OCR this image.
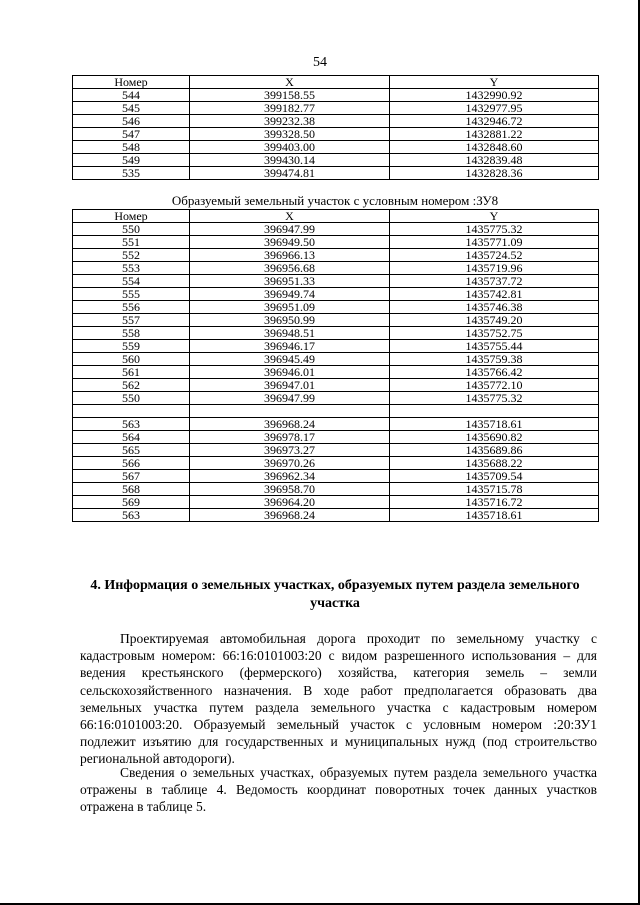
54
Номер	X	Y
544	399158.55	1432990.92
545	399182.77	1432977.95
546	399232.38	1432946.72
547	399328.50	1432881.22
548	399403.00	1432848.60
549	399430.14	1432839.48
535	399474.81	1432828.36
Образуемый земельный участок с условным номером :ЗУ8
Номер	X	Y
550	396947.99	1435775.32
551	396949.50	1435771.09
552	396966.13	1435724.52
553	396956.68	1435719.96
554	396951.33	1435737.72
555	396949.74	1435742.81
556	396951.09	1435746.38
557	396950.99	1435749.20
558	396948.51	1435752.75
559	396946.17	1435755.44
560	396945.49	1435759.38
561	396946.01	1435766.42
562	396947.01	1435772.10
550	396947.99	1435775.32

563	396968.24	1435718.61
564	396978.17	1435690.82
565	396973.27	1435689.86
566	396970.26	1435688.22
567	396962.34	1435709.54
568	396958.70	1435715.78
569	396964.20	1435716.72
563	396968.24	1435718.61
4. Информация о земельных участках, образуемых путем раздела земельного участка

Проектируемая автомобильная дорога проходит по земельному участку с кадастровым номером: 66:16:0101003:20 с видом разрешенного использования – для ведения крестьянского (фермерского) хозяйства, категория земель – земли сельскохозяйственного назначения. В ходе работ предполагается образовать два земельных участка путем раздела земельного участка с кадастровым номером 66:16:0101003:20. Образуемый земельный участок с условным номером :20:ЗУ1 подлежит изъятию для государственных и муниципальных нужд (под строительство региональной автодороги).

Сведения о земельных участках, образуемых путем раздела земельного участка отражены в таблице 4. Ведомость координат поворотных точек данных участков отражена в таблице 5.
